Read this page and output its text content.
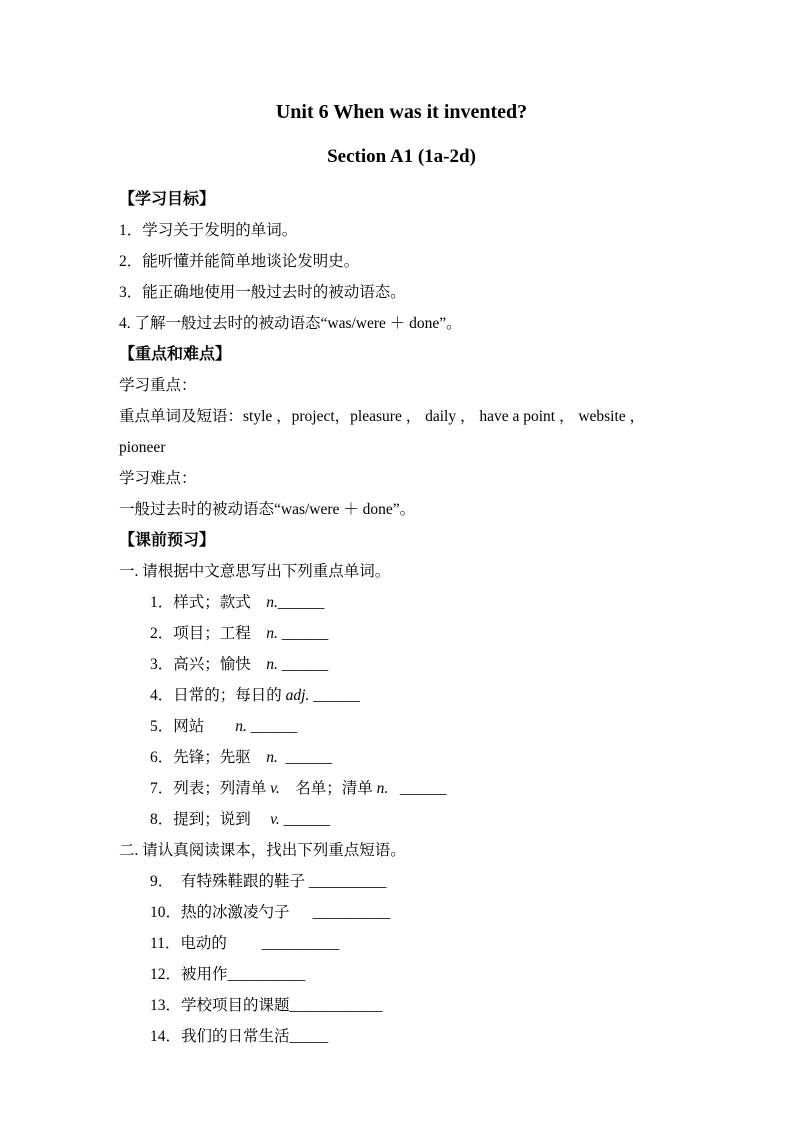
Unit 6 When was it invented?
Section A1 (1a-2d)

【学习目标】

1．学习关于发明的单词。

2．能听懂并能简单地谈论发明史。

3．能正确地使用一般过去时的被动语态。

4. 了解一般过去时的被动语态“was/were ＋ done”。

【重点和难点】

学习重点：

重点单词及短语：style ，project，pleasure ， daily ， have a point ， website ， pioneer

学习难点：

一般过去时的被动语态“was/were ＋ done”。

【课前预习】

一. 请根据中文意思写出下列重点单词。

1．样式；款式　n.______

2．项目；工程　n. ______

3．高兴；愉快　n. ______

4．日常的；每日的 adj. ______

5．网站        n. ______

6．先锋；先驱　n.  ______

7．列表；列清单 v.　名单；清单 n.   ______

8．提到；说到　 v. ______

二. 请认真阅读课本，找出下列重点短语。

9．  有特殊鞋跟的鞋子 __________

10．热的冰激凌勺子　  __________

11．电动的         __________

12．被用作__________

13．学校项目的课题____________

14．我们的日常生活_____
